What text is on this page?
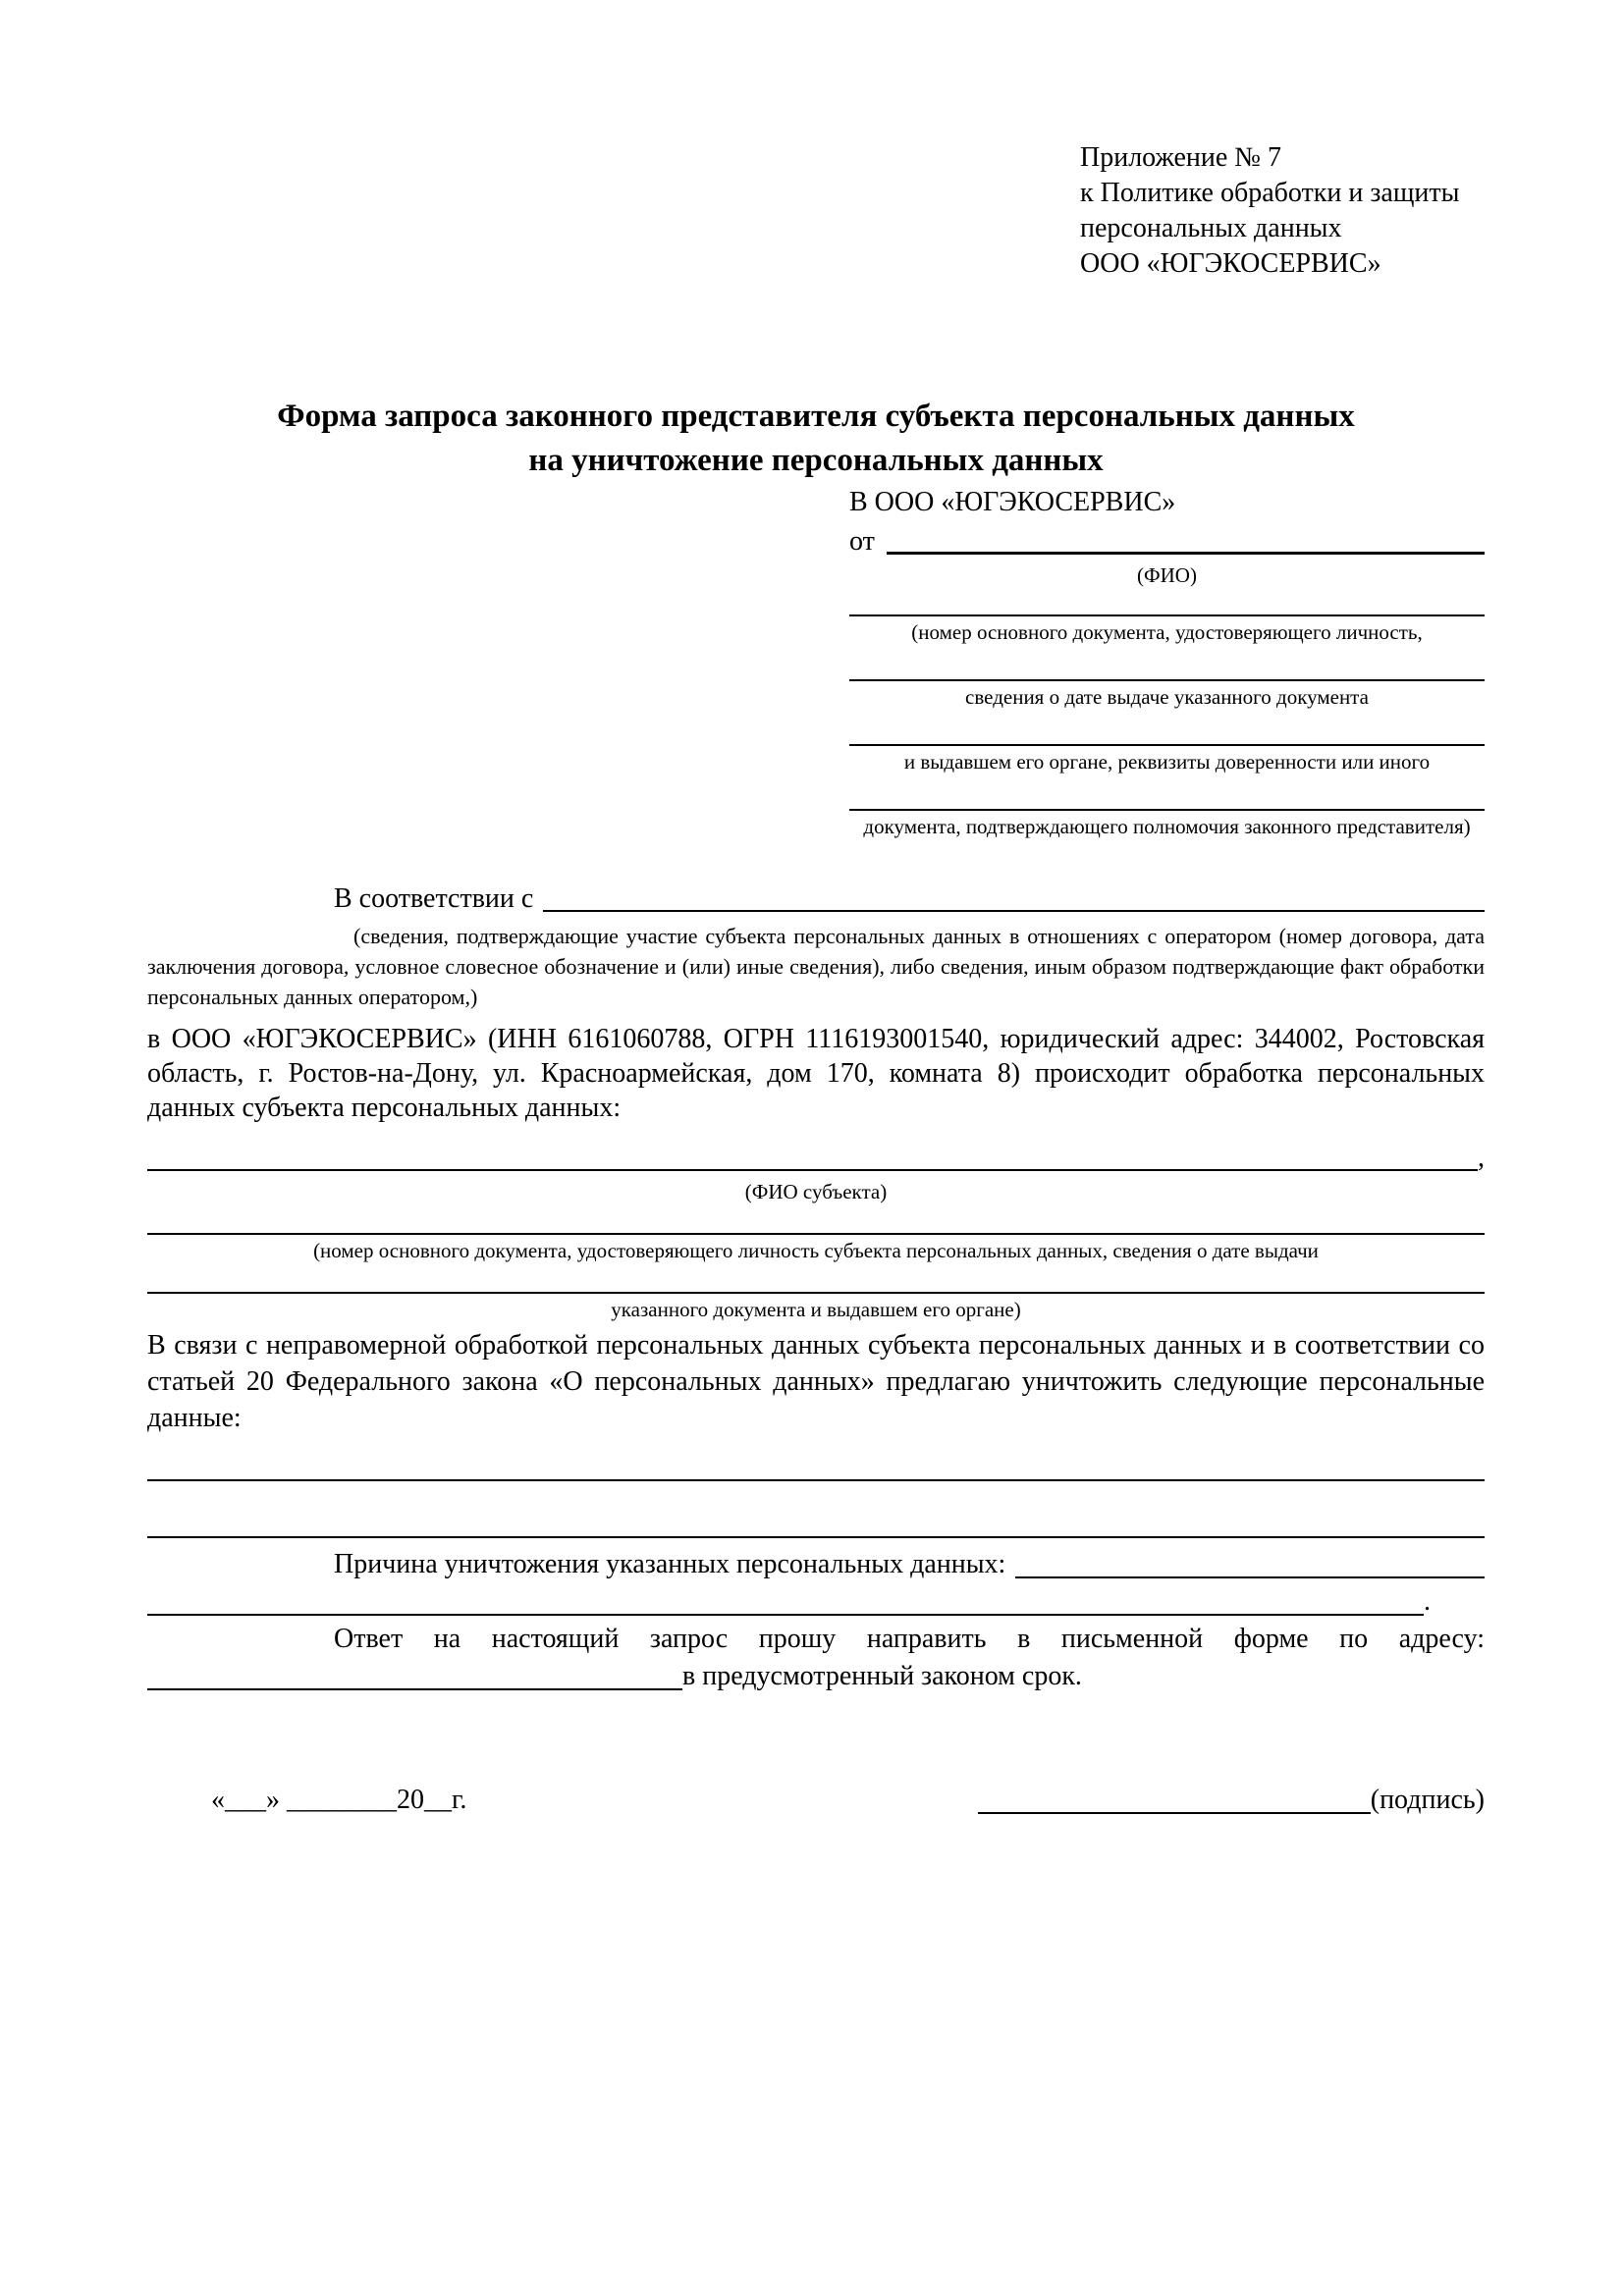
Приложение № 7
к Политике обработки и защиты
персональных данных
ООО «ЮГЭКОСЕРВИС»
Форма запроса законного представителя субъекта персональных данных
на уничтожение персональных данных
В ООО «ЮГЭКОСЕРВИС»
от
(ФИО)
(номер основного документа, удостоверяющего личность,
сведения о дате выдаче указанного документа
и выдавшем его органе, реквизиты доверенности или иного
документа, подтверждающего полномочия законного представителя)
В соответствии с
(сведения, подтверждающие участие субъекта персональных данных в отношениях с оператором (номер договора, дата заключения договора, условное словесное обозначение и (или) иные сведения), либо сведения, иным образом подтверждающие факт обработки персональных данных оператором,)
в ООО «ЮГЭКОСЕРВИС» (ИНН 6161060788, ОГРН 1116193001540, юридический адрес: 344002, Ростовская область, г. Ростов-на-Дону, ул. Красноармейская, дом 170, комната 8) происходит обработка персональных данных субъекта персональных данных:
,
(ФИО субъекта)
(номер основного документа, удостоверяющего личность субъекта персональных данных, сведения о дате выдачи
указанного документа и выдавшем его органе)
В связи с неправомерной обработкой персональных данных субъекта персональных данных и в соответствии со статьей 20 Федерального закона «О персональных данных» предлагаю уничтожить следующие персональные данные:
Причина уничтожения указанных персональных данных:
.
Ответ на настоящий запрос прошу направить в письменной форме по адресу:
в предусмотренный законом срок.
«___» ________20__г.	(подпись)
